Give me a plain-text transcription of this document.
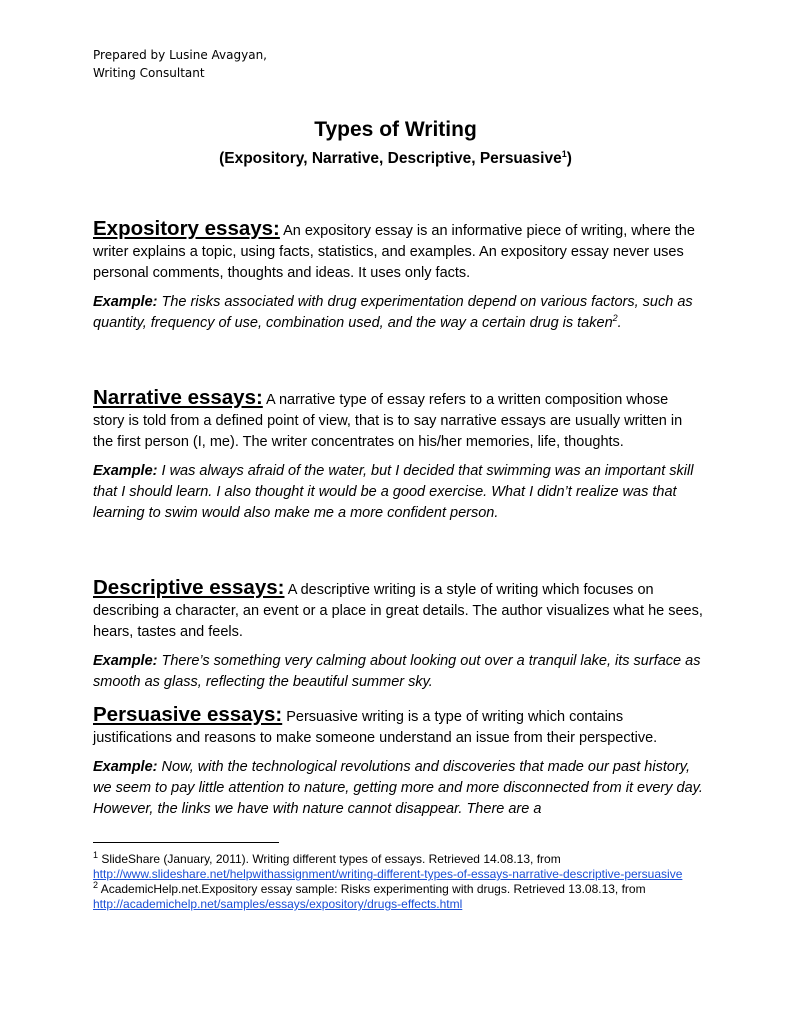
Prepared by Lusine Avagyan,
Writing Consultant
Types of Writing
(Expository, Narrative, Descriptive, Persuasive$^1$)

Expository essays: An expository essay is an informative piece of writing, where the writer explains a topic, using facts, statistics, and examples. An expository essay never uses personal comments, thoughts and ideas. It uses only facts.

Example: The risks associated with drug experimentation depend on various factors, such as quantity, frequency of use, combination used, and the way a certain drug is taken$^2$.

Narrative essays: A narrative type of essay refers to a written composition whose story is told from a defined point of view, that is to say narrative essays are usually written in the first person (I, me). The writer concentrates on his/her memories, life, thoughts.

Example: I was always afraid of the water, but I decided that swimming was an important skill that I should learn. I also thought it would be a good exercise. What I didn’t realize was that learning to swim would also make me a more confident person.

Descriptive essays: A descriptive writing is a style of writing which focuses on describing a character, an event or a place in great details. The author visualizes what he sees, hears, tastes and feels.

Example: There’s something very calming about looking out over a tranquil lake, its surface as smooth as glass, reflecting the beautiful summer sky.

Persuasive essays: Persuasive writing is a type of writing which contains justifications and reasons to make someone understand an issue from their perspective.

Example: Now, with the technological revolutions and discoveries that made our past history, we seem to pay little attention to nature, getting more and more disconnected from it every day. However, the links we have with nature cannot disappear. There are a

$^1$ SlideShare (January, 2011). Writing different types of essays. Retrieved 14.08.13, from
http://www.slideshare.net/helpwithassignment/writing-different-types-of-essays-narrative-descriptive-persuasive

$^2$ AcademicHelp.net.Expository essay sample: Risks experimenting with drugs. Retrieved 13.08.13, from
http://academichelp.net/samples/essays/expository/drugs-effects.html
